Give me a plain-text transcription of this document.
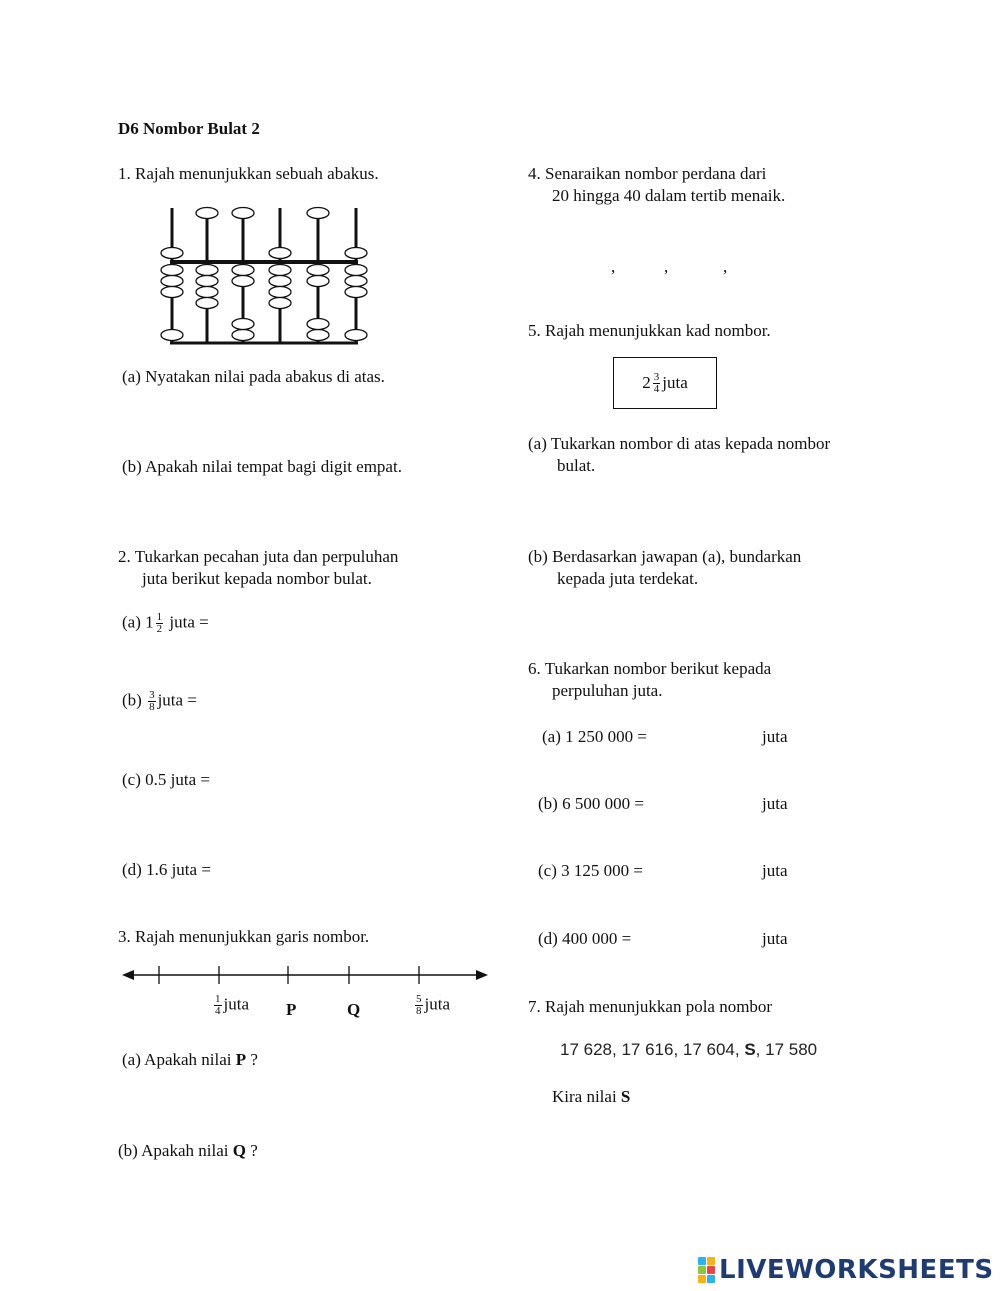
D6 Nombor Bulat 2
1. Rajah menunjukkan sebuah abakus.
(a) Nyatakan nilai pada abakus di atas.
(b) Apakah nilai tempat bagi digit empat.
2. Tukarkan pecahan juta dan perpuluhan
juta berikut kepada nombor bulat.
(a) $1 \frac{1}{2}$ juta =
$(b) \frac{3}{8}$ juta =
(c) 0.5 juta =
(d) 1.6 juta =
3. Rajah menunjukkan garis nombor.
$\frac{1}{4}$ juta P	Q	$\frac{5}{8}$ juta
(a) Apakah nilai P ?
(b) Apakah nilai Q ?
4. Senaraikan nombor perdana dari
20 hingga 40 dalam tertib menaik.
,	,	,
5. Rajah menunjukkan kad nombor.
$2 \frac{3}{4}$ juta
(a) Tukarkan nombor di atas kepada nombor
bulat.
(b) Berdasarkan jawapan (a), bundarkan
kepada juta terdekat.
6. Tukarkan nombor berikut kepada
perpuluhan juta.
(a) 1 250 000 =	juta
(b) 6 500 000 =	juta
(c) 3 125 000 =	juta
(d) 400 000 =	juta
7. Rajah menunjukkan pola nombor
17 628, 17 616, 17 604, S, 17 580
Kira nilai S
LIVEWORKSHEETS
